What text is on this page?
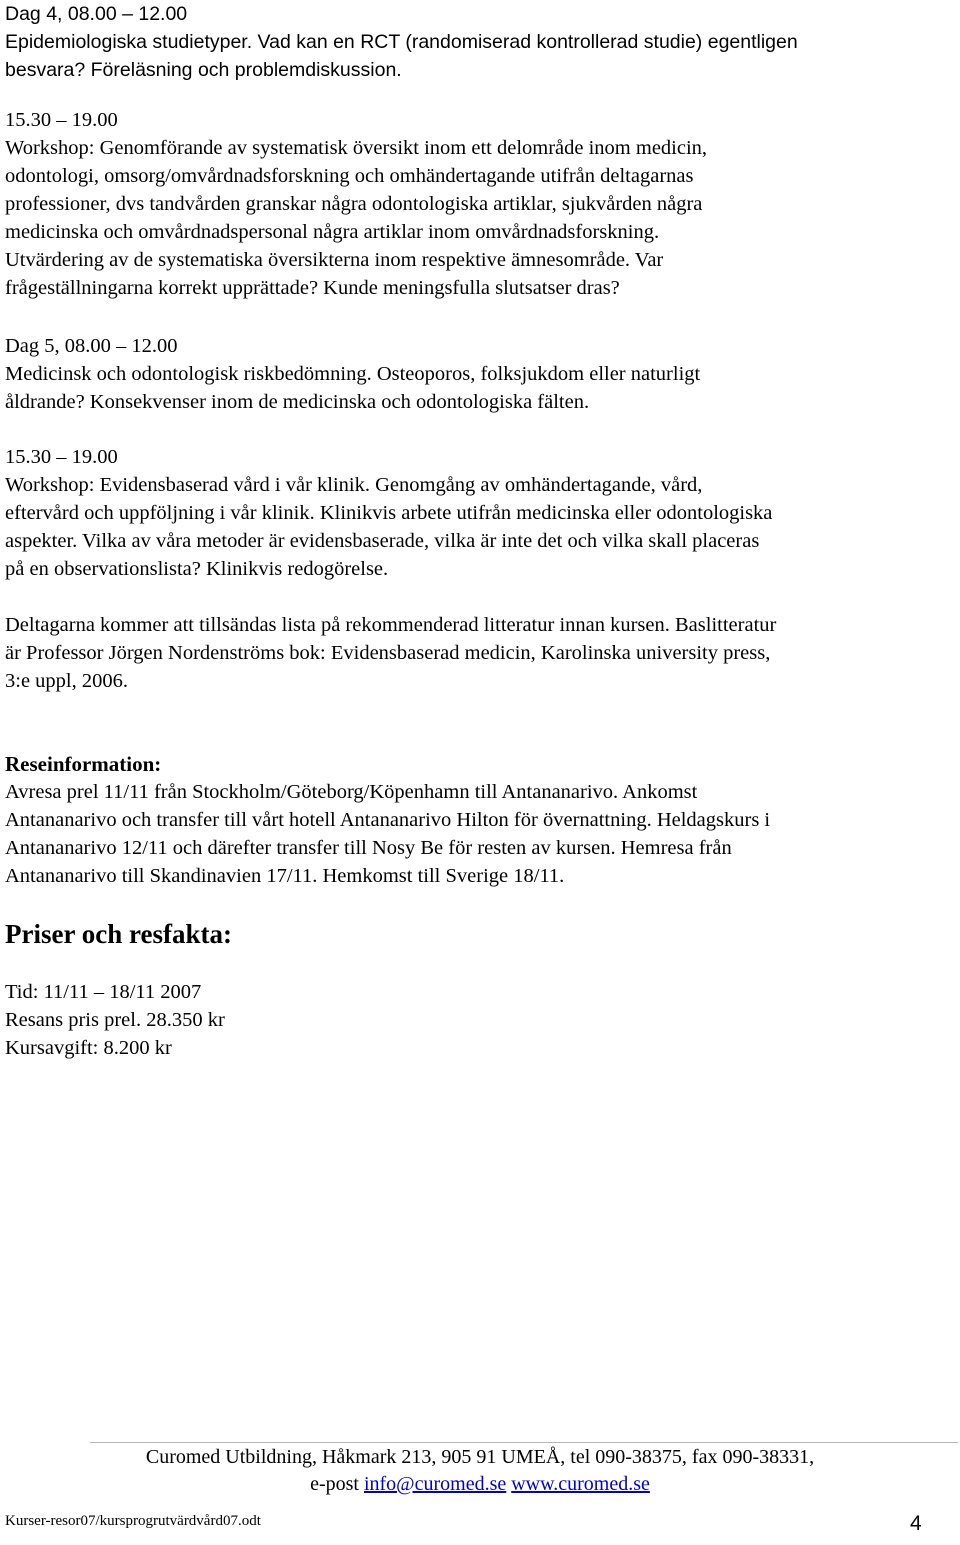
Dag 4, 08.00 – 12.00
Epidemiologiska studietyper. Vad kan en RCT (randomiserad kontrollerad studie) egentligen
besvara? Föreläsning och problemdiskussion.
15.30 – 19.00
Workshop: Genomförande av systematisk översikt inom ett delområde inom medicin,
odontologi, omsorg/omvårdnadsforskning och omhändertagande utifrån deltagarnas
professioner, dvs tandvården granskar några odontologiska artiklar, sjukvården några
medicinska och omvårdnadspersonal några artiklar inom omvårdnadsforskning.
Utvärdering av de systematiska översikterna inom respektive ämnesområde. Var
frågeställningarna korrekt upprättade? Kunde meningsfulla slutsatser dras?
Dag 5, 08.00 – 12.00
Medicinsk och odontologisk riskbedömning. Osteoporos, folksjukdom eller naturligt
åldrande? Konsekvenser inom de medicinska och odontologiska fälten.
15.30 – 19.00
Workshop: Evidensbaserad vård i vår klinik. Genomgång av omhändertagande, vård,
eftervård och uppföljning i vår klinik. Klinikvis arbete utifrån medicinska eller odontologiska
aspekter. Vilka av våra metoder är evidensbaserade, vilka är inte det och vilka skall placeras
på en observationslista? Klinikvis redogörelse.
Deltagarna kommer att tillsändas lista på rekommenderad litteratur innan kursen. Baslitteratur
är Professor Jörgen Nordenströms bok: Evidensbaserad medicin, Karolinska university press,
3:e uppl, 2006.
Reseinformation:
Avresa prel 11/11 från Stockholm/Göteborg/Köpenhamn till Antananarivo. Ankomst
Antananarivo och transfer till vårt hotell Antananarivo Hilton för övernattning. Heldagskurs i
Antananarivo 12/11 och därefter transfer till Nosy Be för resten av kursen. Hemresa från
Antananarivo till Skandinavien 17/11. Hemkomst till Sverige 18/11.
Priser och resfakta:
Tid: 11/11 – 18/11 2007
Resans pris prel. 28.350 kr
Kursavgift: 8.200 kr
Curomed Utbildning, Håkmark 213, 905 91 UMEÅ, tel 090-38375, fax 090-38331,
e-post info@curomed.se www.curomed.se
Kurser-resor07/kursprogrutvärdvård07.odt	4
